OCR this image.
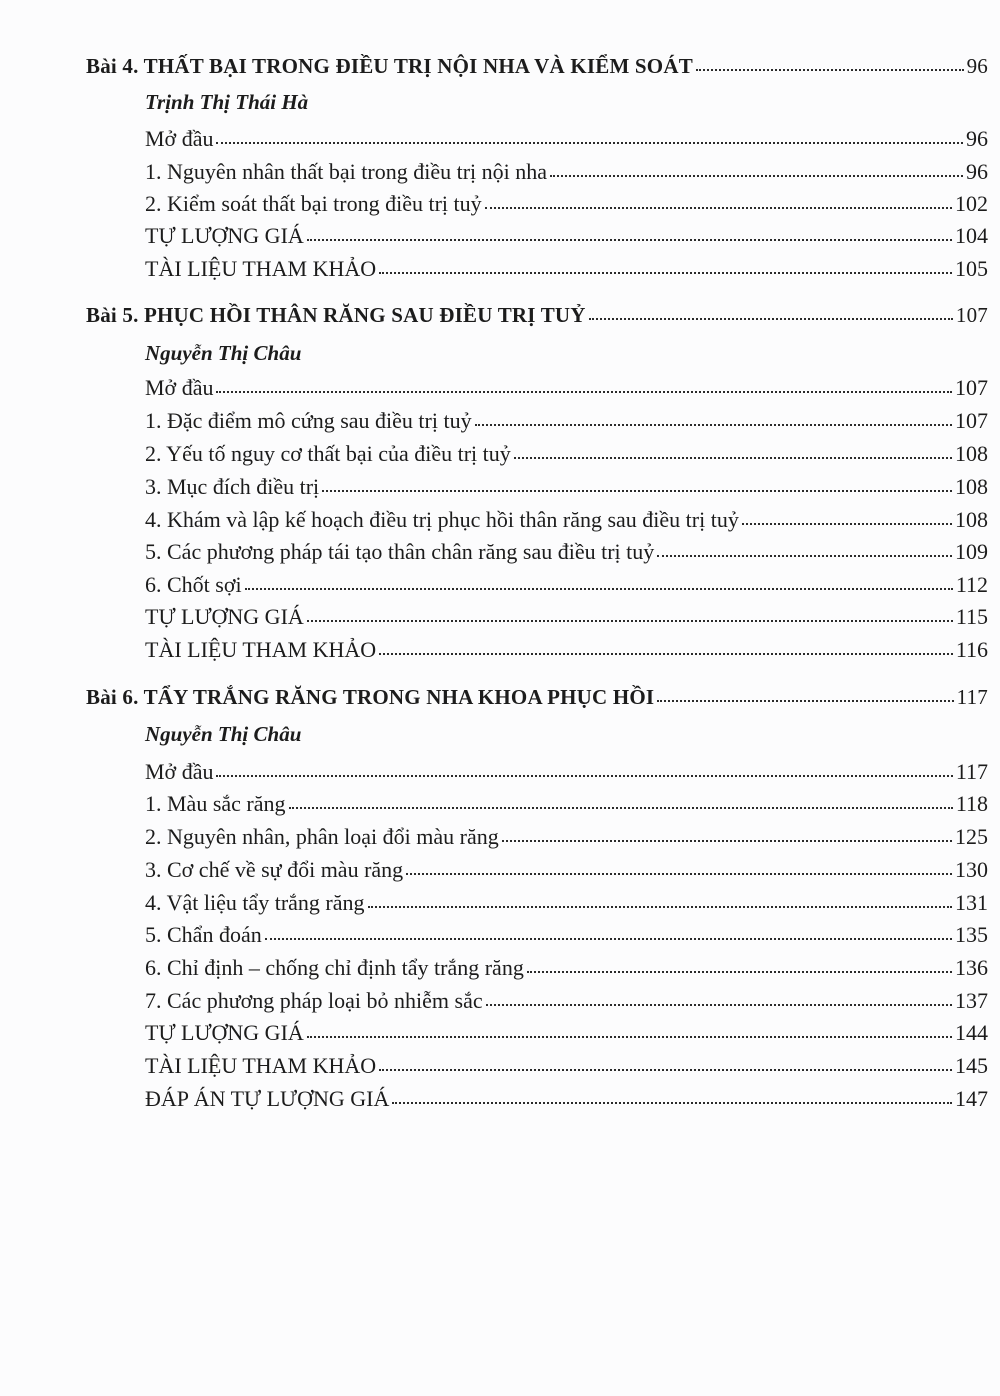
Bài 4. THẤT BẠI TRONG ĐIỀU TRỊ NỘI NHA VÀ KIỂM SOÁT	96
Trịnh Thị Thái Hà
Mở đầu	96
1. Nguyên nhân thất bại trong điều trị nội nha	96
2. Kiểm soát thất bại trong điều trị tuỷ	102
TỰ LƯỢNG GIÁ	104
TÀI LIỆU THAM KHẢO	105
Bài 5. PHỤC HỒI THÂN RĂNG SAU ĐIỀU TRỊ TUỶ	107
Nguyễn Thị Châu
Mở đầu	107
1. Đặc điểm mô cứng sau điều trị tuỷ	107
2. Yếu tố nguy cơ thất bại của điều trị tuỷ	108
3. Mục đích điều trị	108
4. Khám và lập kế hoạch điều trị phục hồi thân răng sau điều trị tuỷ	108
5. Các phương pháp tái tạo thân chân răng sau điều trị tuỷ	109
6. Chốt sợi	112
TỰ LƯỢNG GIÁ	115
TÀI LIỆU THAM KHẢO	116
Bài 6. TẨY TRẮNG RĂNG TRONG NHA KHOA PHỤC HỒI	117
Nguyễn Thị Châu
Mở đầu	117
1. Màu sắc răng	118
2. Nguyên nhân, phân loại đổi màu răng	125
3. Cơ chế về sự đổi màu răng	130
4. Vật liệu tẩy trắng răng	131
5. Chẩn đoán	135
6. Chỉ định – chống chỉ định tẩy trắng răng	136
7. Các phương pháp loại bỏ nhiễm sắc	137
TỰ LƯỢNG GIÁ	144
TÀI LIỆU THAM KHẢO	145
ĐÁP ÁN TỰ LƯỢNG GIÁ	147
